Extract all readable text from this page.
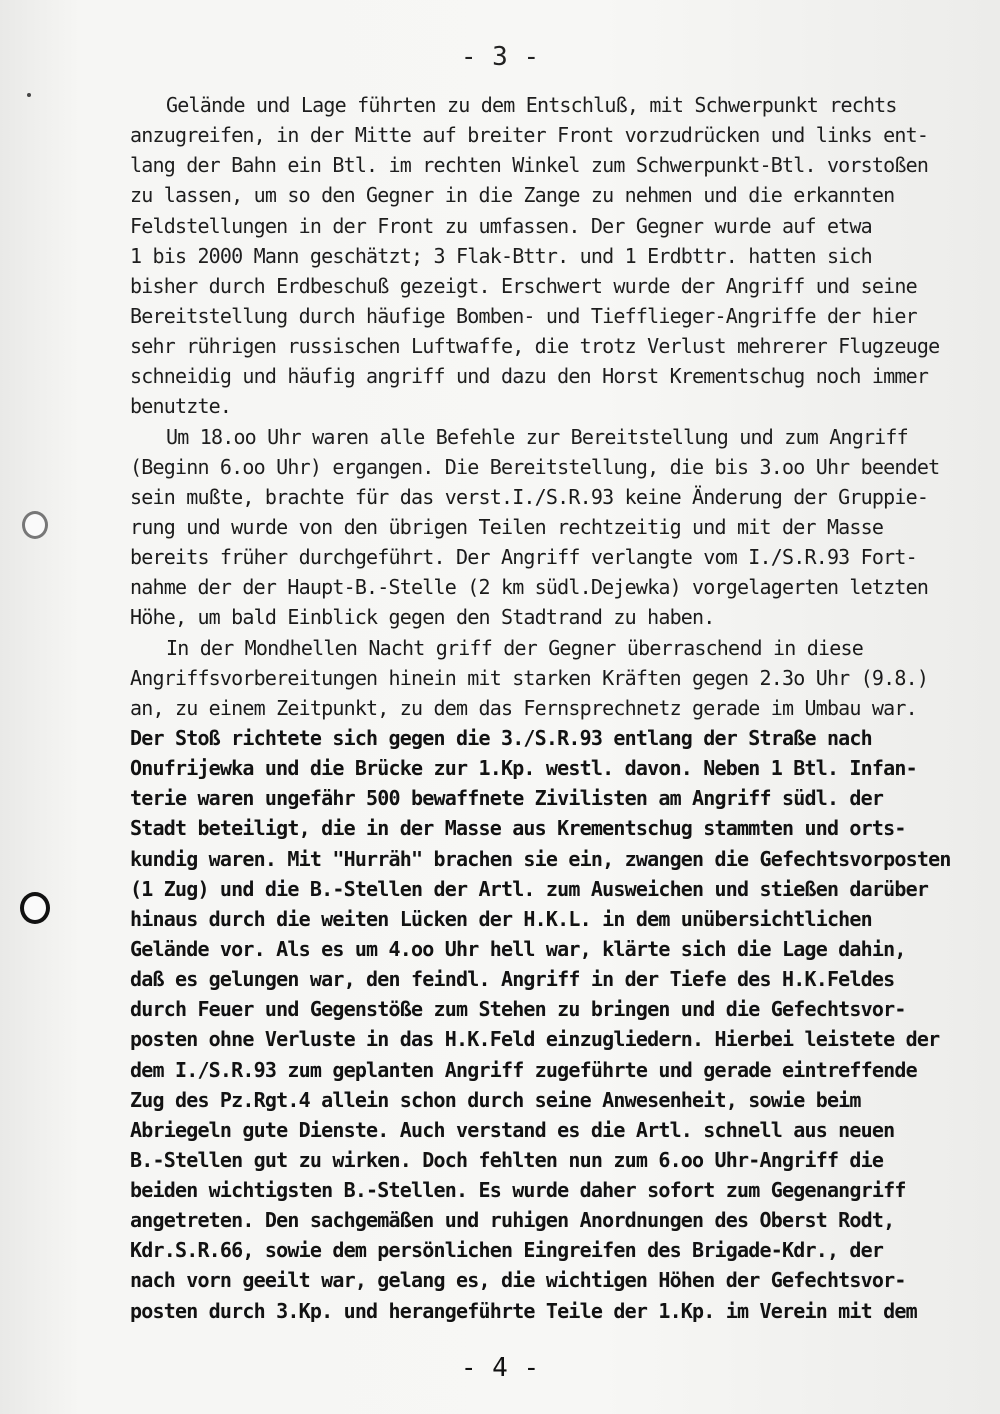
- 3 -
Gelände und Lage führten zu dem Entschluß, mit Schwerpunkt rechts
anzugreifen, in der Mitte auf breiter Front vorzudrücken und links ent-
lang der Bahn ein Btl. im rechten Winkel zum Schwerpunkt-Btl. vorstoßen
zu lassen, um so den Gegner in die Zange zu nehmen und die erkannten
Feldstellungen in der Front zu umfassen. Der Gegner wurde auf etwa
1 bis 2000 Mann geschätzt; 3 Flak-Bttr. und 1 Erdbttr. hatten sich
bisher durch Erdbeschuß gezeigt. Erschwert wurde der Angriff und seine
Bereitstellung durch häufige Bomben- und Tiefflieger-Angriffe der hier
sehr rührigen russischen Luftwaffe, die trotz Verlust mehrerer Flugzeuge
schneidig und häufig angriff und dazu den Horst Krementschug noch immer
benutzte.
Um 18.oo Uhr waren alle Befehle zur Bereitstellung und zum Angriff
(Beginn 6.oo Uhr) ergangen. Die Bereitstellung, die bis 3.oo Uhr beendet
sein mußte, brachte für das verst.I./S.R.93 keine Änderung der Gruppie-
rung und wurde von den übrigen Teilen rechtzeitig und mit der Masse
bereits früher durchgeführt. Der Angriff verlangte vom I./S.R.93 Fort-
nahme der der Haupt-B.-Stelle (2 km südl.Dejewka) vorgelagerten letzten
Höhe, um bald Einblick gegen den Stadtrand zu haben.
In der Mondhellen Nacht griff der Gegner überraschend in diese
Angriffsvorbereitungen hinein mit starken Kräften gegen 2.3o Uhr (9.8.)
an, zu einem Zeitpunkt, zu dem das Fernsprechnetz gerade im Umbau war.
Der Stoß richtete sich gegen die 3./S.R.93 entlang der Straße nach
Onufrijewka und die Brücke zur 1.Kp. westl. davon. Neben 1 Btl. Infan-
terie waren ungefähr 500 bewaffnete Zivilisten am Angriff südl. der
Stadt beteiligt, die in der Masse aus Krementschug stammten und orts-
kundig waren. Mit "Hurräh" brachen sie ein, zwangen die Gefechtsvorposten
(1 Zug) und die B.-Stellen der Artl. zum Ausweichen und stießen darüber
hinaus durch die weiten Lücken der H.K.L. in dem unübersichtlichen
Gelände vor. Als es um 4.oo Uhr hell war, klärte sich die Lage dahin,
daß es gelungen war, den feindl. Angriff in der Tiefe des H.K.Feldes
durch Feuer und Gegenstöße zum Stehen zu bringen und die Gefechtsvor-
posten ohne Verluste in das H.K.Feld einzugliedern. Hierbei leistete der
dem I./S.R.93 zum geplanten Angriff zugeführte und gerade eintreffende
Zug des Pz.Rgt.4 allein schon durch seine Anwesenheit, sowie beim
Abriegeln gute Dienste. Auch verstand es die Artl. schnell aus neuen
B.-Stellen gut zu wirken. Doch fehlten nun zum 6.oo Uhr-Angriff die
beiden wichtigsten B.-Stellen. Es wurde daher sofort zum Gegenangriff
angetreten. Den sachgemäßen und ruhigen Anordnungen des Oberst Rodt,
Kdr.S.R.66, sowie dem persönlichen Eingreifen des Brigade-Kdr., der
nach vorn geeilt war, gelang es, die wichtigen Höhen der Gefechtsvor-
posten durch 3.Kp. und herangeführte Teile der 1.Kp. im Verein mit dem
- 4 -
